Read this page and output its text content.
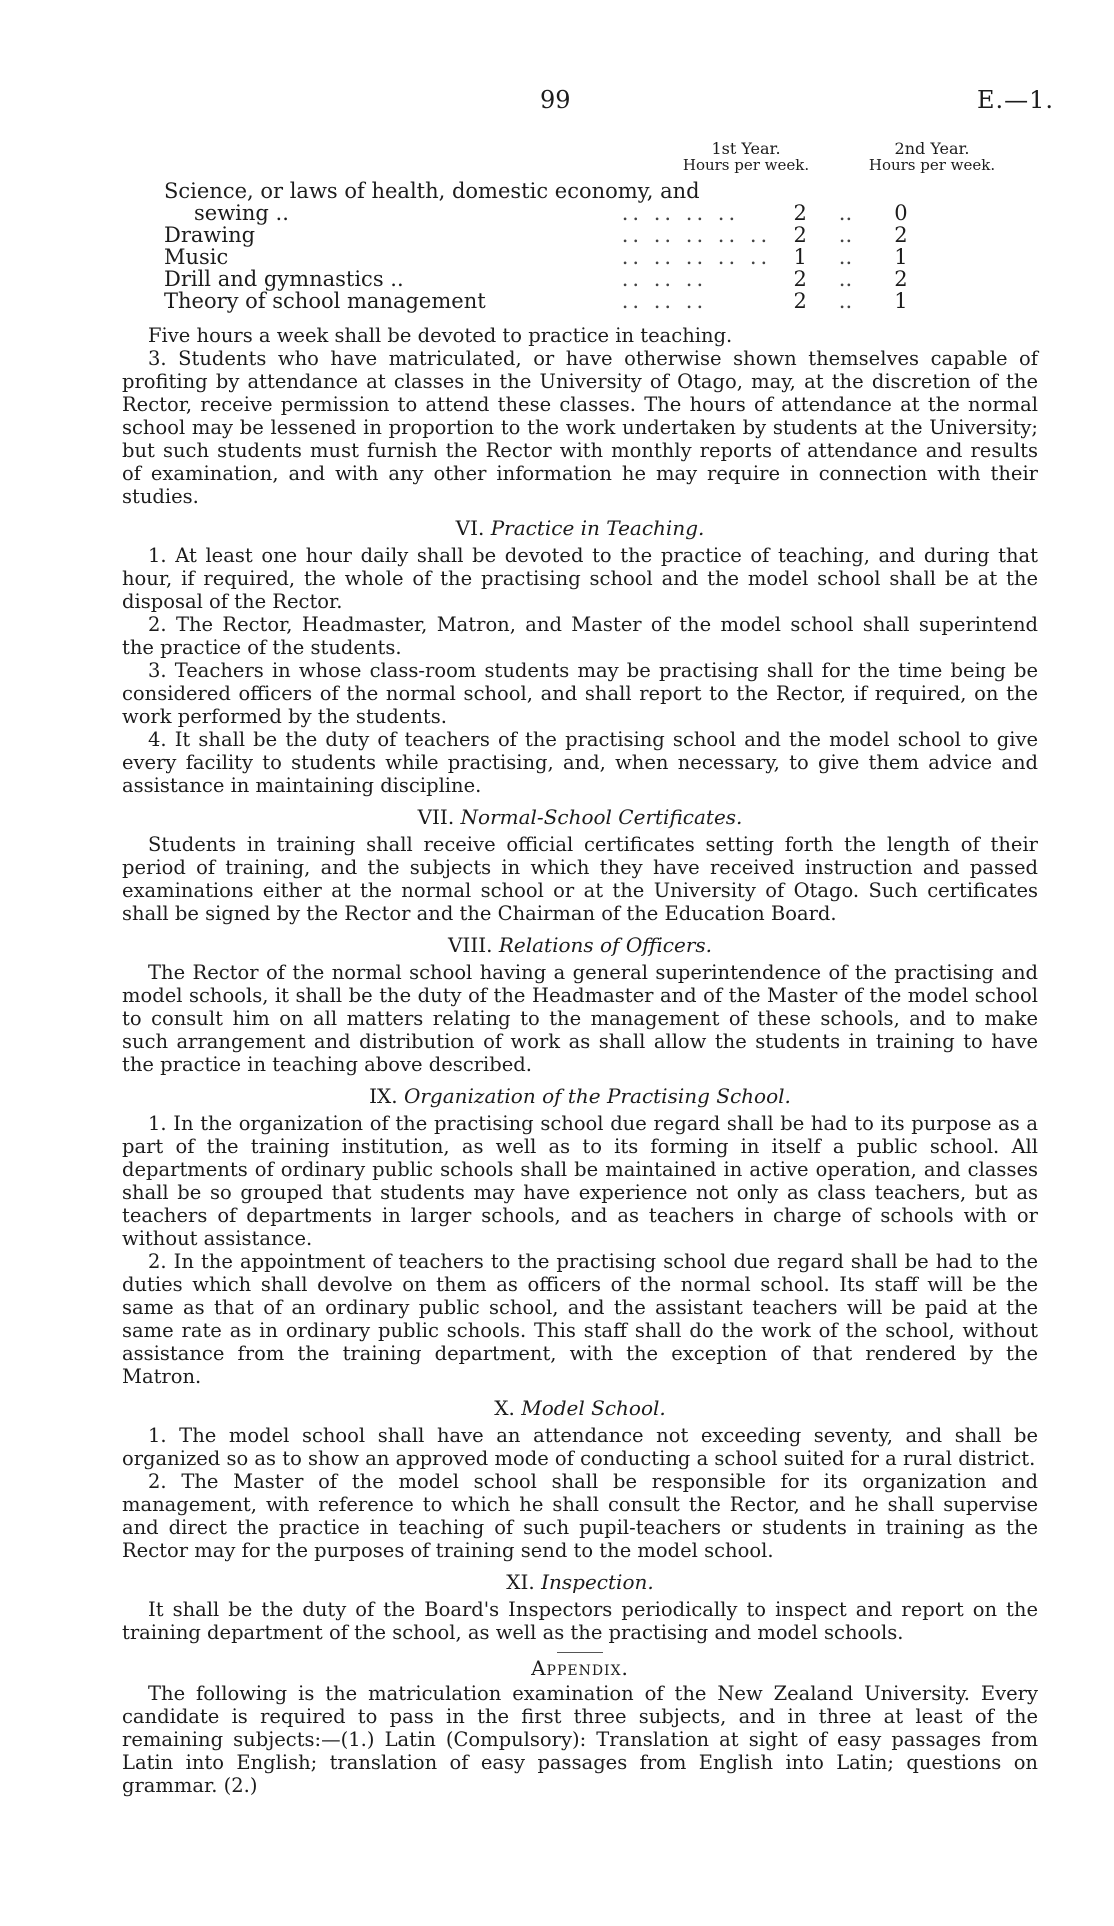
99	E.—1.
1st Year.
Hours per week.
2nd Year.
Hours per week.
Science, or laws of health, domestic economy, and				
sewing ..	.. .. .. ..	2	..	0
Drawing	.. .. .. .. ..	2	..	2
Music	.. .. .. .. ..	1	..	1
Drill and gymnastics ..	.. .. ..	2	..	2
Theory of school management	.. .. ..	2	..	1

Five hours a week shall be devoted to practice in teaching.

3. Students who have matriculated, or have otherwise shown themselves capable of profiting by attendance at classes in the University of Otago, may, at the discretion of the Rector, receive permission to attend these classes. The hours of attendance at the normal school may be lessened in proportion to the work undertaken by students at the University; but such students must furnish the Rector with monthly reports of attendance and results of examination, and with any other information he may require in connection with their studies.

VI. Practice in Teaching.

1. At least one hour daily shall be devoted to the practice of teaching, and during that hour, if required, the whole of the practising school and the model school shall be at the disposal of the Rector.

2. The Rector, Headmaster, Matron, and Master of the model school shall superintend the practice of the students.

3. Teachers in whose class-room students may be practising shall for the time being be considered officers of the normal school, and shall report to the Rector, if required, on the work performed by the students.

4. It shall be the duty of teachers of the practising school and the model school to give every facility to students while practising, and, when necessary, to give them advice and assistance in maintaining discipline.

VII. Normal-School Certificates.

Students in training shall receive official certificates setting forth the length of their period of training, and the subjects in which they have received instruction and passed examinations either at the normal school or at the University of Otago. Such certificates shall be signed by the Rector and the Chairman of the Education Board.

VIII. Relations of Officers.

The Rector of the normal school having a general superintendence of the practising and model schools, it shall be the duty of the Headmaster and of the Master of the model school to consult him on all matters relating to the management of these schools, and to make such arrangement and distribution of work as shall allow the students in training to have the practice in teaching above described.

IX. Organization of the Practising School.

1. In the organization of the practising school due regard shall be had to its purpose as a part of the training institution, as well as to its forming in itself a public school. All departments of ordinary public schools shall be maintained in active operation, and classes shall be so grouped that students may have experience not only as class teachers, but as teachers of departments in larger schools, and as teachers in charge of schools with or without assistance.

2. In the appointment of teachers to the practising school due regard shall be had to the duties which shall devolve on them as officers of the normal school. Its staff will be the same as that of an ordinary public school, and the assistant teachers will be paid at the same rate as in ordinary public schools. This staff shall do the work of the school, without assistance from the training department, with the exception of that rendered by the Matron.

X. Model School.

1. The model school shall have an attendance not exceeding seventy, and shall be organized so as to show an approved mode of conducting a school suited for a rural district.

2. The Master of the model school shall be responsible for its organization and management, with reference to which he shall consult the Rector, and he shall supervise and direct the practice in teaching of such pupil-teachers or students in training as the Rector may for the purposes of training send to the model school.

XI. Inspection.

It shall be the duty of the Board's Inspectors periodically to inspect and report on the training department of the school, as well as the practising and model schools.

Appendix.

The following is the matriculation examination of the New Zealand University. Every candidate is required to pass in the first three subjects, and in three at least of the remaining subjects:—(1.) Latin (Compulsory): Translation at sight of easy passages from Latin into English; translation of easy passages from English into Latin; questions on grammar. (2.)
